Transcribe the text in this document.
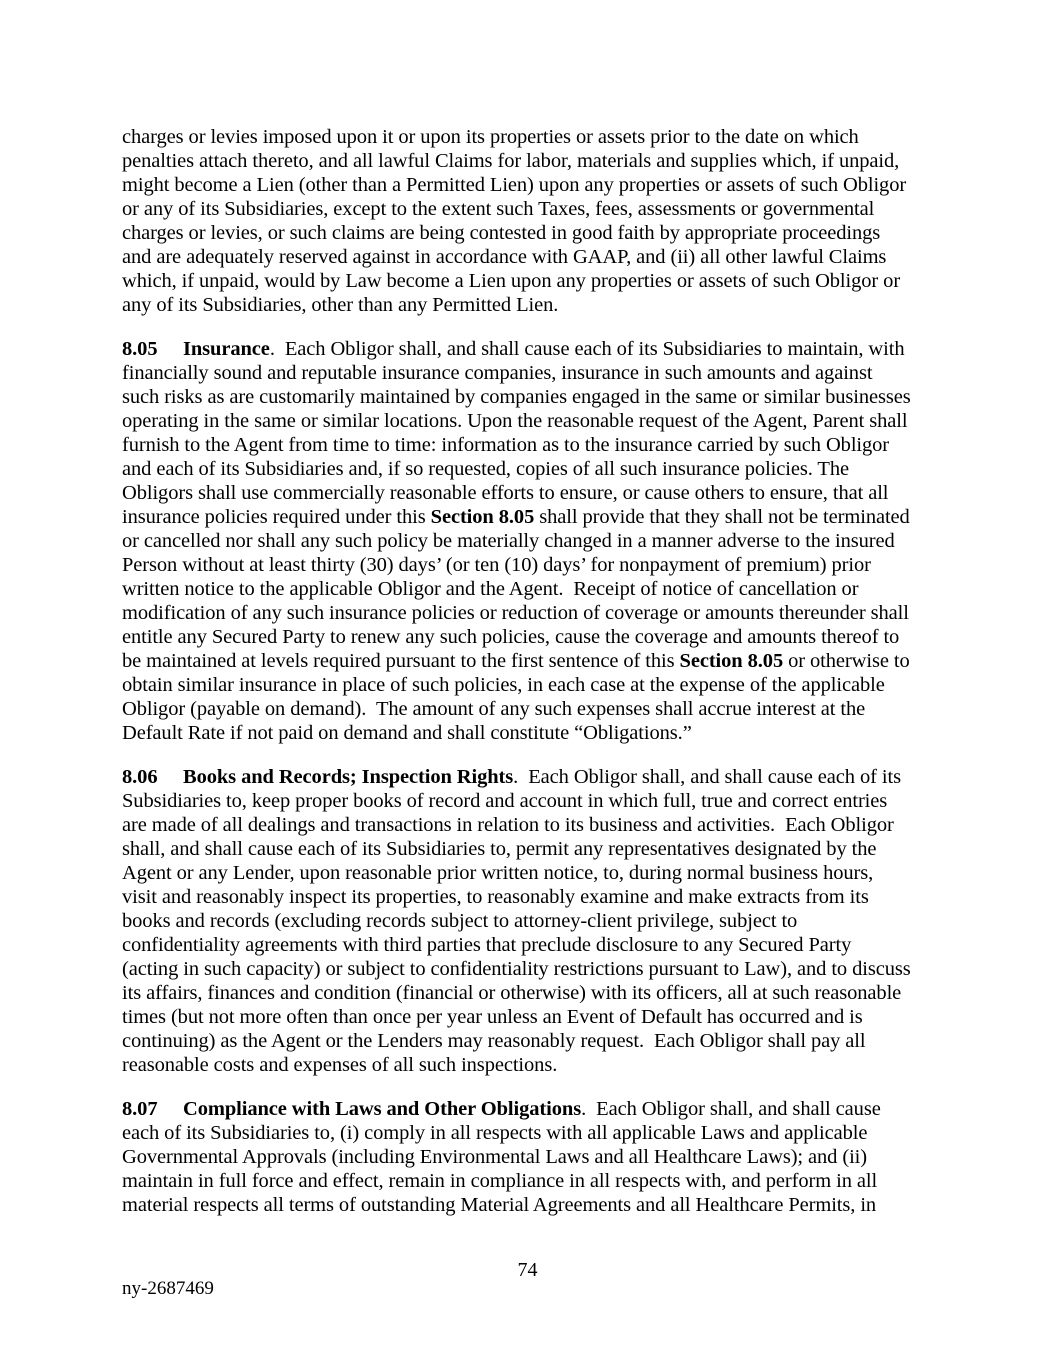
charges or levies imposed upon it or upon its properties or assets prior to the date on which
penalties attach thereto, and all lawful Claims for labor, materials and supplies which, if unpaid,
might become a Lien (other than a Permitted Lien) upon any properties or assets of such Obligor
or any of its Subsidiaries, except to the extent such Taxes, fees, assessments or governmental
charges or levies, or such claims are being contested in good faith by appropriate proceedings
and are adequately reserved against in accordance with GAAP, and (ii) all other lawful Claims
which, if unpaid, would by Law become a Lien upon any properties or assets of such Obligor or
any of its Subsidiaries, other than any Permitted Lien.
8.05 Insurance.  Each Obligor shall, and shall cause each of its Subsidiaries to maintain, with
financially sound and reputable insurance companies, insurance in such amounts and against
such risks as are customarily maintained by companies engaged in the same or similar businesses
operating in the same or similar locations. Upon the reasonable request of the Agent, Parent shall
furnish to the Agent from time to time: information as to the insurance carried by such Obligor
and each of its Subsidiaries and, if so requested, copies of all such insurance policies. The
Obligors shall use commercially reasonable efforts to ensure, or cause others to ensure, that all
insurance policies required under this Section 8.05 shall provide that they shall not be terminated
or cancelled nor shall any such policy be materially changed in a manner adverse to the insured
Person without at least thirty (30) days’ (or ten (10) days’ for nonpayment of premium) prior
written notice to the applicable Obligor and the Agent.  Receipt of notice of cancellation or
modification of any such insurance policies or reduction of coverage or amounts thereunder shall
entitle any Secured Party to renew any such policies, cause the coverage and amounts thereof to
be maintained at levels required pursuant to the first sentence of this Section 8.05 or otherwise to
obtain similar insurance in place of such policies, in each case at the expense of the applicable
Obligor (payable on demand).  The amount of any such expenses shall accrue interest at the
Default Rate if not paid on demand and shall constitute “Obligations.”
8.06 Books and Records; Inspection Rights.  Each Obligor shall, and shall cause each of its
Subsidiaries to, keep proper books of record and account in which full, true and correct entries
are made of all dealings and transactions in relation to its business and activities.  Each Obligor
shall, and shall cause each of its Subsidiaries to, permit any representatives designated by the
Agent or any Lender, upon reasonable prior written notice, to, during normal business hours,
visit and reasonably inspect its properties, to reasonably examine and make extracts from its
books and records (excluding records subject to attorney-client privilege, subject to
confidentiality agreements with third parties that preclude disclosure to any Secured Party
(acting in such capacity) or subject to confidentiality restrictions pursuant to Law), and to discuss
its affairs, finances and condition (financial or otherwise) with its officers, all at such reasonable
times (but not more often than once per year unless an Event of Default has occurred and is
continuing) as the Agent or the Lenders may reasonably request.  Each Obligor shall pay all
reasonable costs and expenses of all such inspections.
8.07 Compliance with Laws and Other Obligations.  Each Obligor shall, and shall cause
each of its Subsidiaries to, (i) comply in all respects with all applicable Laws and applicable
Governmental Approvals (including Environmental Laws and all Healthcare Laws); and (ii)
maintain in full force and effect, remain in compliance in all respects with, and perform in all
material respects all terms of outstanding Material Agreements and all Healthcare Permits, in
74
ny-2687469
